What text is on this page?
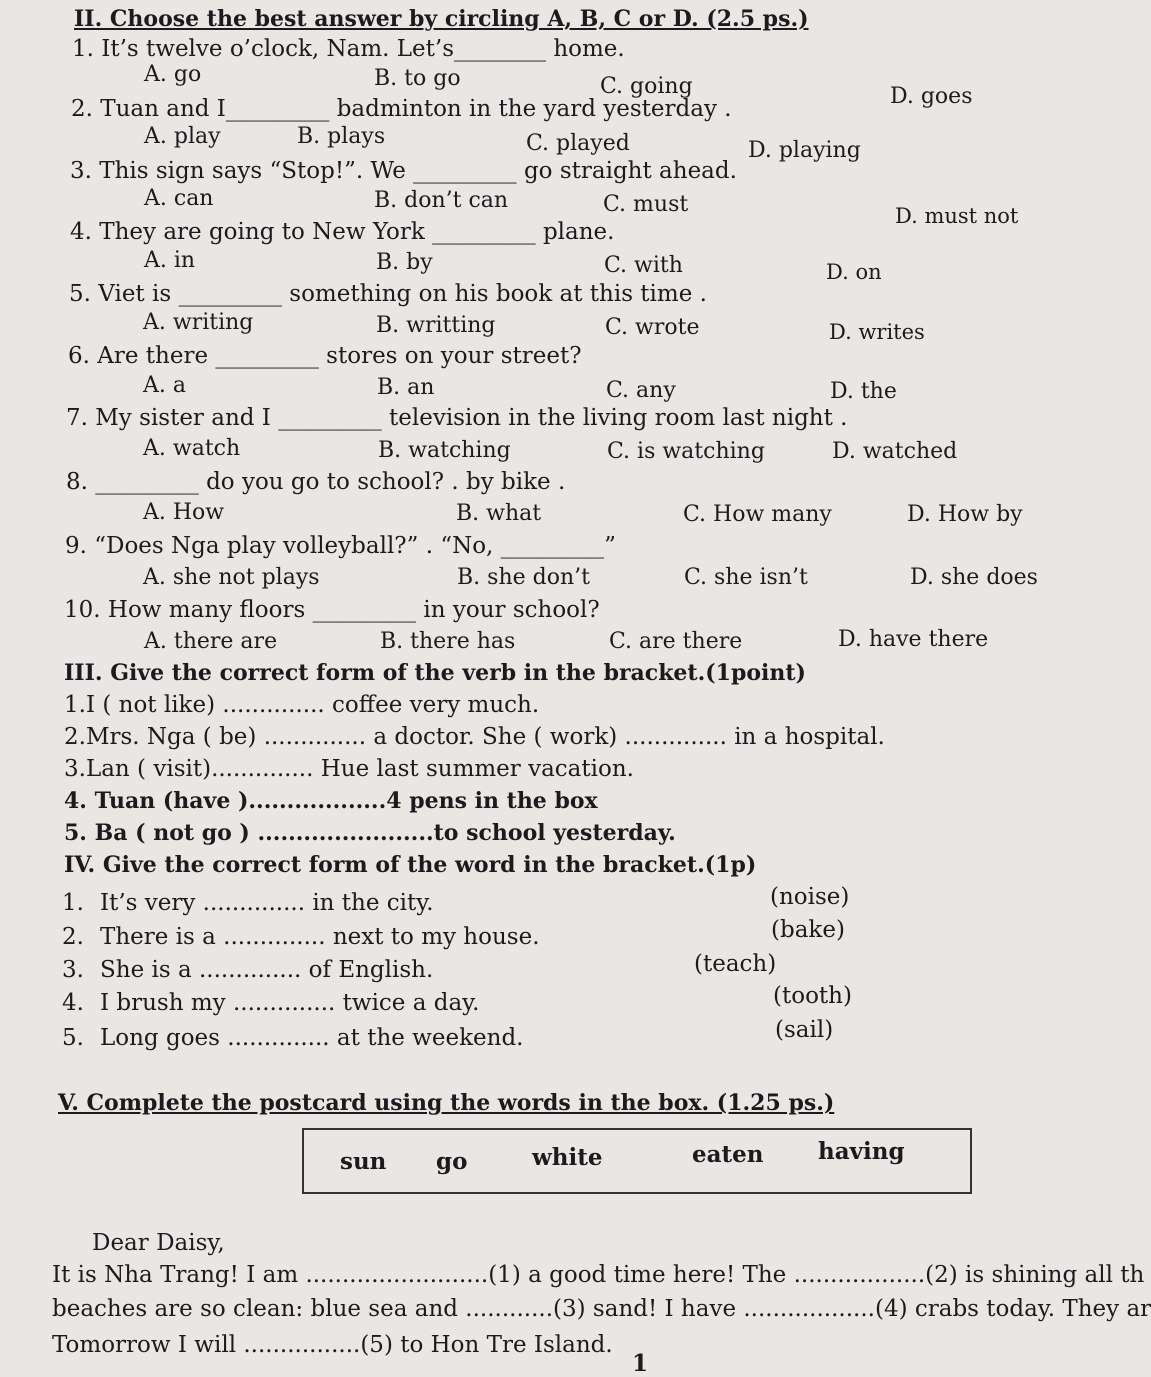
II. Choose the best answer by circling A, B, C or D. (2.5 ps.)
1. It’s twelve o’clock, Nam. Let’s________ home.
A. go	B. to go	C. going	D. goes
2. Tuan and I_________ badminton in the yard yesterday .
A. play	B. plays	C. played	D. playing
3. This sign says “Stop!”. We _________ go straight ahead.
A. can	B. don’t can	C. must	D. must not
4. They are going to New York _________ plane.
A. in	B. by	C. with	D. on
5. Viet is _________ something on his book at this time .
A. writing	B. writting	C. wrote	D. writes
6. Are there _________ stores on your street?
A. a	B. an	C. any	D. the
7. My sister and I _________ television in the living room last night .
A. watch	B. watching	C. is watching	D. watched
8. _________ do you go to school? . by bike .
A. How	B. what	C. How many	D. How by
9. “Does Nga play volleyball?” . “No, _________”
A. she not plays	B. she don’t	C. she isn’t	D. she does
10. How many floors _________ in your school?
A. there are	B. there has	C. are there	D. have there
III. Give the correct form of the verb in the bracket.(1point)
1.I ( not like) .............. coffee very much.
2.Mrs. Nga ( be) .............. a doctor. She ( work) .............. in a hospital.
3.Lan ( visit).............. Hue last summer vacation.
4. Tuan (have )..................4 pens in the box
5. Ba ( not go ) .......................to school yesterday.
IV. Give the correct form of the word in the bracket.(1p)
1. It’s very .............. in the city.	(noise)
2. There is a .............. next to my house.	(bake)
3. She is a .............. of English.	(teach)
4. I brush my .............. twice a day.	(tooth)
5. Long goes .............. at the weekend.	(sail)
V. Complete the postcard using the words in the box. (1.25 ps.)
sun go	white	eaten having
Dear Daisy,
It is Nha Trang! I am .........................(1) a good time here! The ..................(2) is shining all th
beaches are so clean: blue sea and ............(3) sand! I have ..................(4) crabs today. They ar
Tomorrow I will ................(5) to Hon Tre Island.
1
